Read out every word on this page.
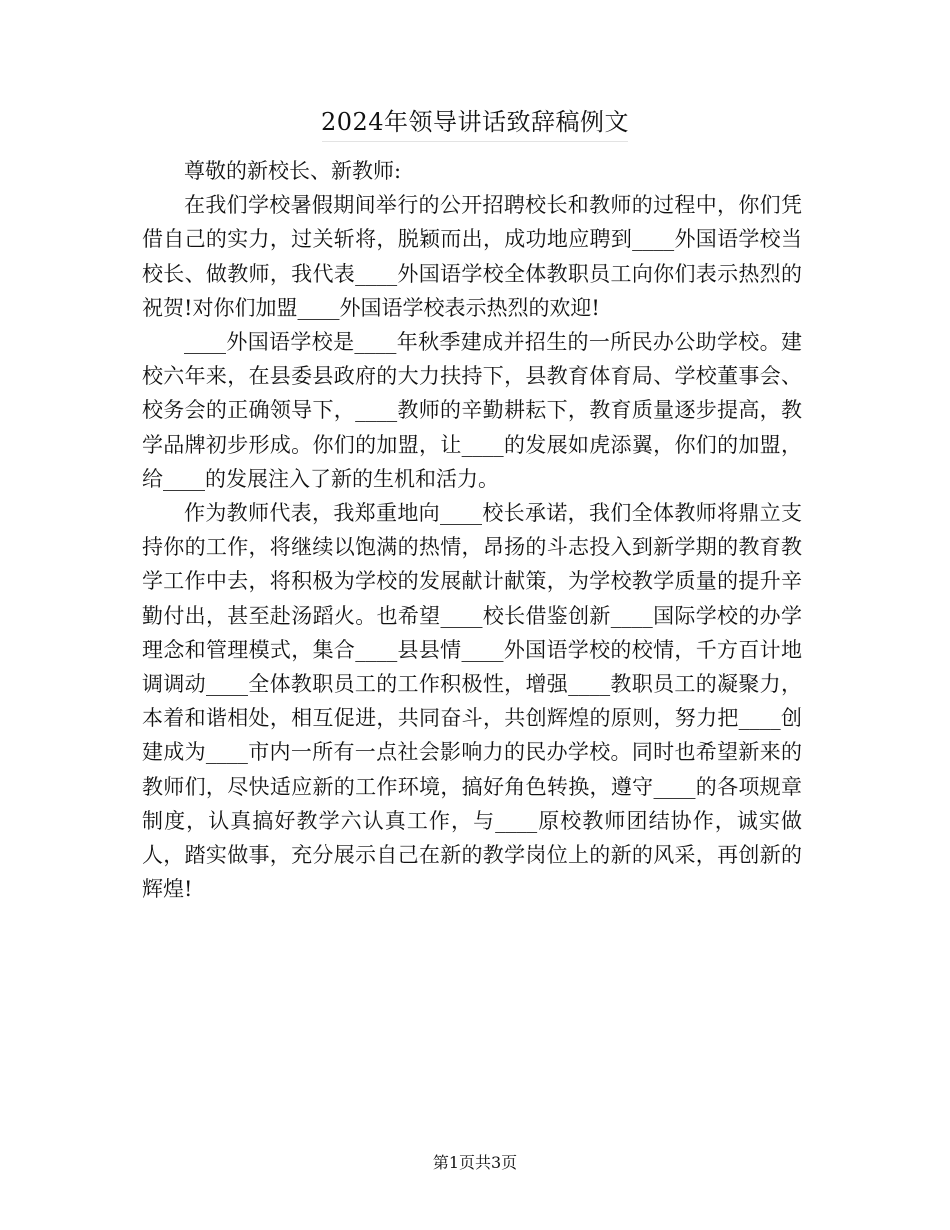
2024年领导讲话致辞稿例文

尊敬的新校长、新教师:

在我们学校暑假期间举行的公开招聘校长和教师的过程中，你们凭借自己的实力，过关斩将，脱颖而出，成功地应聘到____外国语学校当校长、做教师，我代表____外国语学校全体教职员工向你们表示热烈的祝贺!对你们加盟____外国语学校表示热烈的欢迎!

____外国语学校是____年秋季建成并招生的一所民办公助学校。建校六年来，在县委县政府的大力扶持下，县教育体育局、学校董事会、校务会的正确领导下，____教师的辛勤耕耘下，教育质量逐步提高，教学品牌初步形成。你们的加盟，让____的发展如虎添翼，你们的加盟，给____的发展注入了新的生机和活力。

作为教师代表，我郑重地向____校长承诺，我们全体教师将鼎立支持你的工作，将继续以饱满的热情，昂扬的斗志投入到新学期的教育教学工作中去，将积极为学校的发展献计献策，为学校教学质量的提升辛勤付出，甚至赴汤蹈火。也希望____校长借鉴创新____国际学校的办学理念和管理模式，集合____县县情____外国语学校的校情，千方百计地调调动____全体教职员工的工作积极性，增强____教职员工的凝聚力，本着和谐相处，相互促进，共同奋斗，共创辉煌的原则，努力把____创建成为____市内一所有一点社会影响力的民办学校。同时也希望新来的教师们，尽快适应新的工作环境，搞好角色转换，遵守____的各项规章制度，认真搞好教学六认真工作，与____原校教师团结协作，诚实做人，踏实做事，充分展示自己在新的教学岗位上的新的风采，再创新的辉煌!

第1页共3页
